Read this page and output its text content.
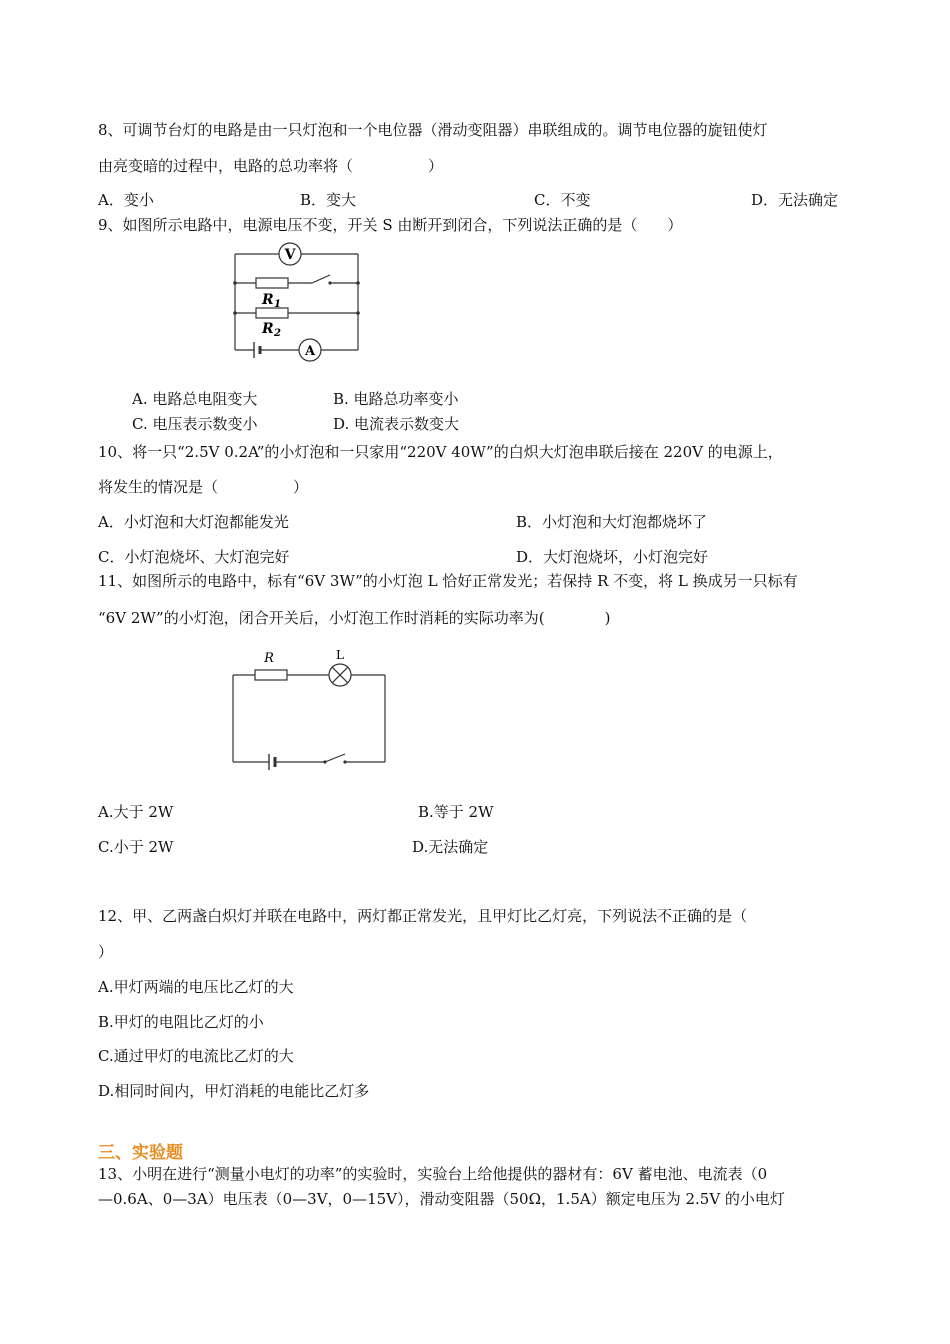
8、可调节台灯的电路是由一只灯泡和一个电位器（滑动变阻器）串联组成的。调节电位器的旋钮使灯
由亮变暗的过程中，电路的总功率将（　　　　　）
A．变小	B．变大	C．不变	D．无法确定
9、如图所示电路中，电源电压不变，开关 S 由断开到闭合，下列说法正确的是（　　）
V
A
R 1
R 2
A. 电路总电阻变大	B. 电路总功率变小
C. 电压表示数变小	D. 电流表示数变大
10、将一只“2.5V 0.2A”的小灯泡和一只家用“220V 40W”的白炽大灯泡串联后接在 220V 的电源上，
将发生的情况是（　　　　　）
A．小灯泡和大灯泡都能发光	B．小灯泡和大灯泡都烧坏了
C．小灯泡烧坏、大灯泡完好	D．大灯泡烧坏，小灯泡完好
11、如图所示的电路中，标有“6V 3W”的小灯泡 L 恰好正常发光；若保持 R 不变，将 L 换成另一只标有
“6V 2W”的小灯泡，闭合开关后，小灯泡工作时消耗的实际功率为(　　　　)
R	L
A.大于 2W	B.等于 2W
C.小于 2W	D.无法确定
12、甲、乙两盏白炽灯并联在电路中，两灯都正常发光，且甲灯比乙灯亮，下列说法不正确的是（
）
A.甲灯两端的电压比乙灯的大
B.甲灯的电阻比乙灯的小
C.通过甲灯的电流比乙灯的大
D.相同时间内，甲灯消耗的电能比乙灯多
三、实验题
13、小明在进行“测量小电灯的功率”的实验时，实验台上给他提供的器材有：6V 蓄电池、电流表（0
—0.6A、0—3A）电压表（0—3V，0—15V），滑动变阻器（50Ω，1.5A）额定电压为 2.5V 的小电灯
